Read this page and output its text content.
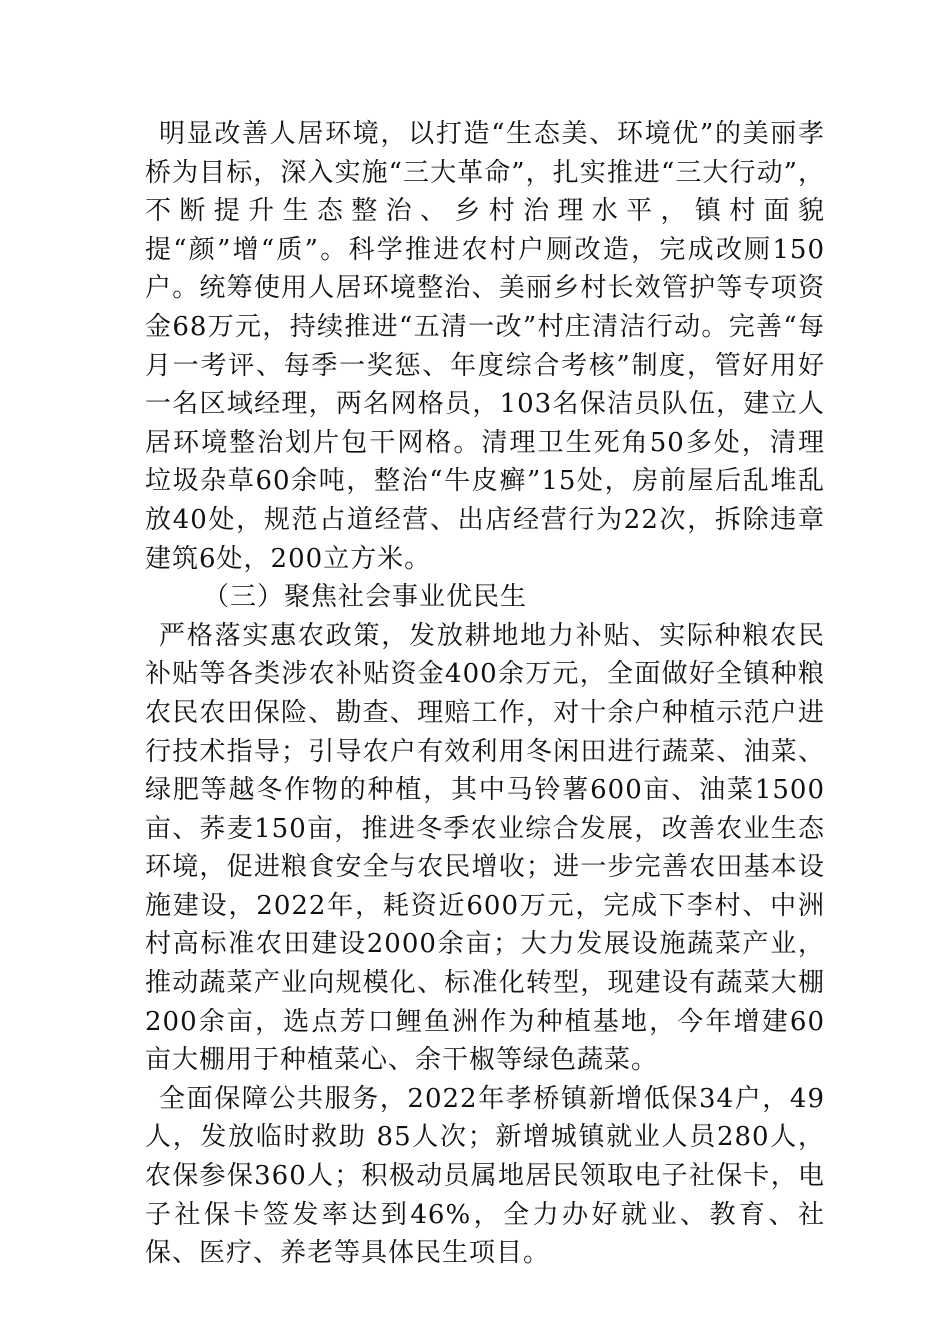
明显改善人居环境，以打造“生态美、环境优”的美丽孝桥为目标，深入实施“三大革命”，扎实推进“三大行动”，不断提升生态整治、乡村治理水平，镇村面貌提“颜”增“质”。科学推进农村户厕改造，完成改厕150户。统筹使用人居环境整治、美丽乡村长效管护等专项资金68万元，持续推进“五清一改”村庄清洁行动。完善“每月一考评、每季一奖惩、年度综合考核”制度，管好用好一名区域经理，两名网格员，103名保洁员队伍，建立人居环境整治划片包干网格。清理卫生死角50多处，清理垃圾杂草60余吨，整治“牛皮癣”15处，房前屋后乱堆乱放40处，规范占道经营、出店经营行为22次，拆除违章建筑6处，200立方米。

（三）聚焦社会事业优民生

严格落实惠农政策，发放耕地地力补贴、实际种粮农民补贴等各类涉农补贴资金400余万元，全面做好全镇种粮农民农田保险、勘查、理赔工作，对十余户种植示范户进行技术指导；引导农户有效利用冬闲田进行蔬菜、油菜、绿肥等越冬作物的种植，其中马铃薯600亩、油菜1500亩、荞麦150亩，推进冬季农业综合发展，改善农业生态环境，促进粮食安全与农民增收；进一步完善农田基本设施建设，2022年，耗资近600万元，完成下李村、中洲村高标准农田建设2000余亩；大力发展设施蔬菜产业，推动蔬菜产业向规模化、标准化转型，现建设有蔬菜大棚200余亩，选点芳口鲤鱼洲作为种植基地，今年增建60亩大棚用于种植菜心、余干椒等绿色蔬菜。

全面保障公共服务，2022年孝桥镇新增低保34户，49人，发放临时救助 85人次；新增城镇就业人员280人，农保参保360人；积极动员属地居民领取电子社保卡，电子社保卡签发率达到46%，全力办好就业、教育、社保、医疗、养老等具体民生项目。
